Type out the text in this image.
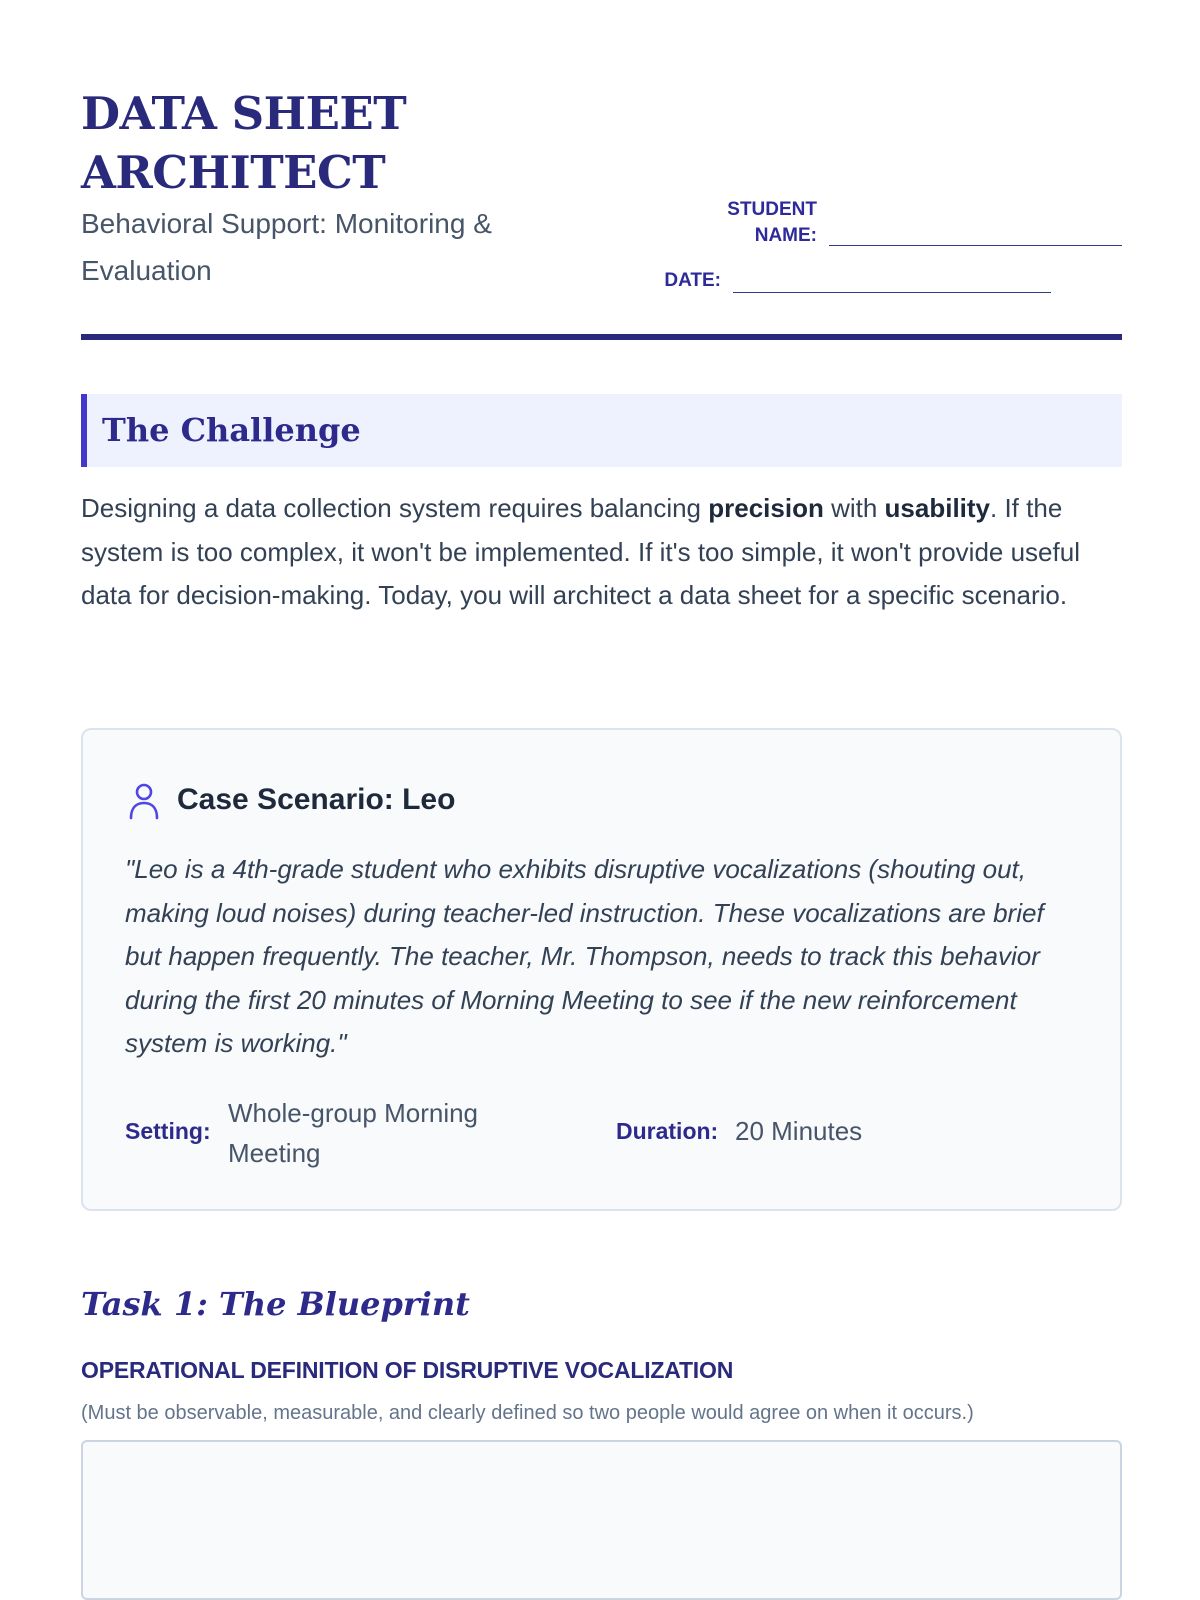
DATA SHEET ARCHITECT
Behavioral Support: Monitoring & Evaluation
STUDENT NAME:
DATE:
The Challenge

Designing a data collection system requires balancing precision with usability. If the system is too complex, it won't be implemented. If it's too simple, it won't provide useful data for decision-making. Today, you will architect a data sheet for a specific scenario.

Case Scenario: Leo

"Leo is a 4th-grade student who exhibits disruptive vocalizations (shouting out, making loud noises) during teacher-led instruction. These vocalizations are brief but happen frequently. The teacher, Mr. Thompson, needs to track this behavior during the first 20 minutes of Morning Meeting to see if the new reinforcement system is working."

Setting:
Whole-group Morning Meeting
Duration: 20 Minutes
Task 1: The Blueprint
OPERATIONAL DEFINITION OF DISRUPTIVE VOCALIZATION
(Must be observable, measurable, and clearly defined so two people would agree on when it occurs.)
